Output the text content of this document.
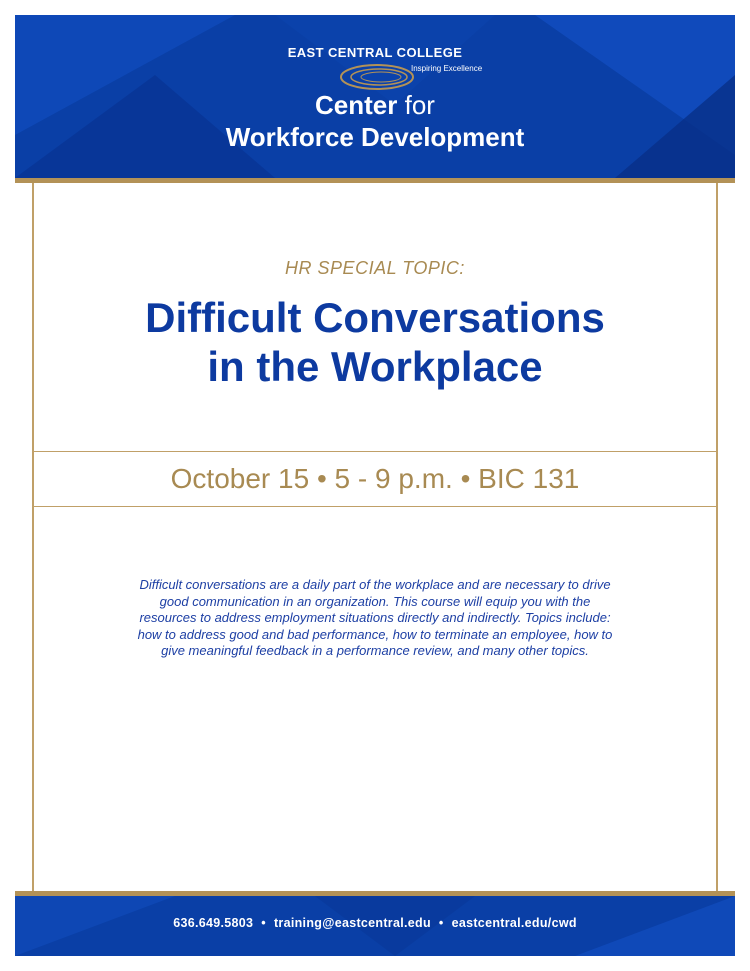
EAST CENTRAL COLLEGE
Inspiring Excellence
Center for
Workforce Development
HR SPECIAL TOPIC:
Difficult Conversations
in the Workplace
October 15 • 5 - 9 p.m. • BIC 131
Difficult conversations are a daily part of the workplace and are necessary to drive good communication in an organization. This course will equip you with the resources to address employment situations directly and indirectly. Topics include: how to address good and bad performance, how to terminate an employee, how to give meaningful feedback in a performance review, and many other topics.
636.649.5803 • training@eastcentral.edu • eastcentral.edu/cwd
